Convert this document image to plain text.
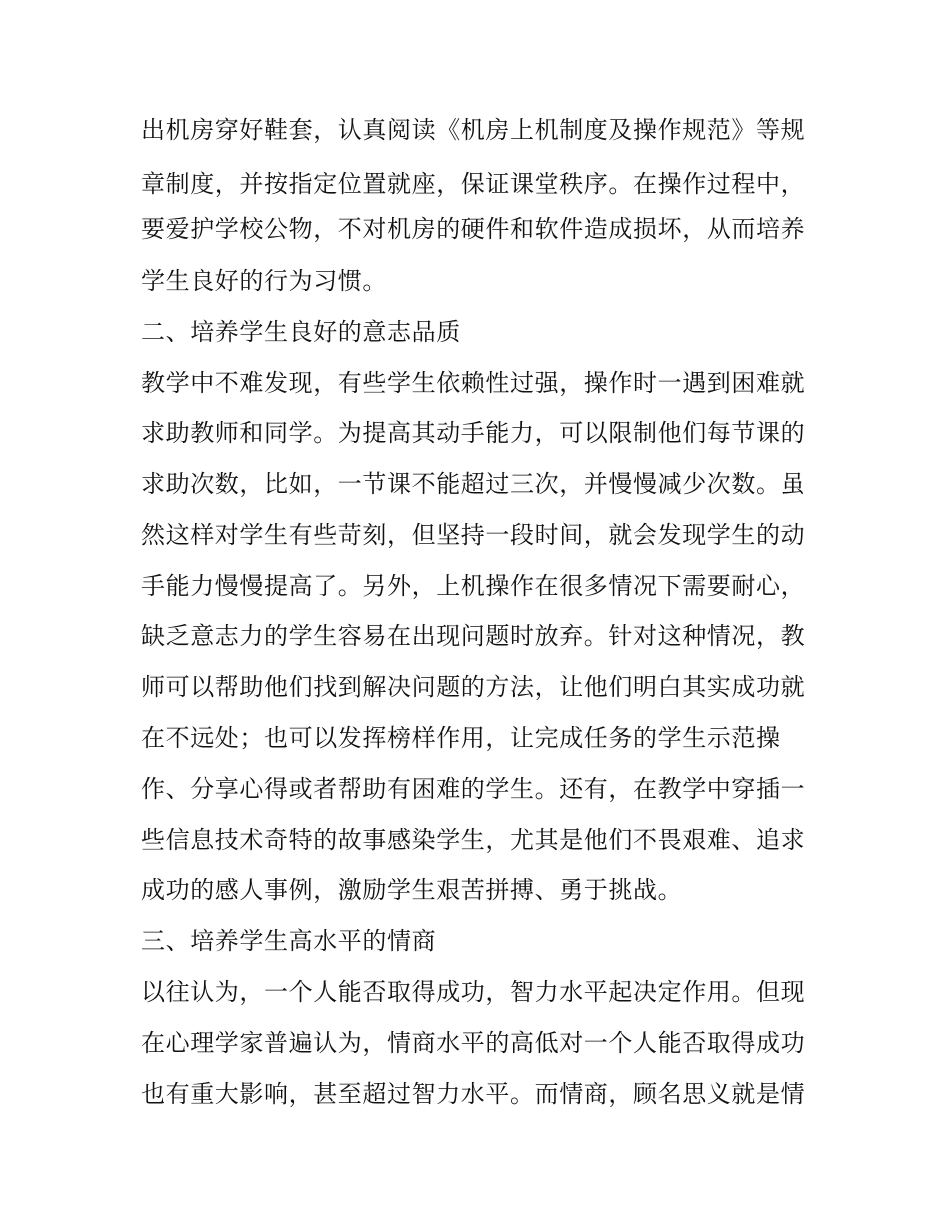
出机房穿好鞋套，认真阅读《机房上机制度及操作规范》等规
章制度，并按指定位置就座，保证课堂秩序。在操作过程中，
要爱护学校公物，不对机房的硬件和软件造成损坏，从而培养
学生良好的行为习惯。
二、培养学生良好的意志品质
教学中不难发现，有些学生依赖性过强，操作时一遇到困难就
求助教师和同学。为提高其动手能力，可以限制他们每节课的
求助次数，比如，一节课不能超过三次，并慢慢减少次数。虽
然这样对学生有些苛刻，但坚持一段时间，就会发现学生的动
手能力慢慢提高了。另外，上机操作在很多情况下需要耐心，
缺乏意志力的学生容易在出现问题时放弃。针对这种情况，教
师可以帮助他们找到解决问题的方法，让他们明白其实成功就
在不远处；也可以发挥榜样作用，让完成任务的学生示范操
作、分享心得或者帮助有困难的学生。还有，在教学中穿插一
些信息技术奇特的故事感染学生，尤其是他们不畏艰难、追求
成功的感人事例，激励学生艰苦拼搏、勇于挑战。
三、培养学生高水平的情商
以往认为，一个人能否取得成功，智力水平起决定作用。但现
在心理学家普遍认为，情商水平的高低对一个人能否取得成功
也有重大影响，甚至超过智力水平。而情商，顾名思义就是情
